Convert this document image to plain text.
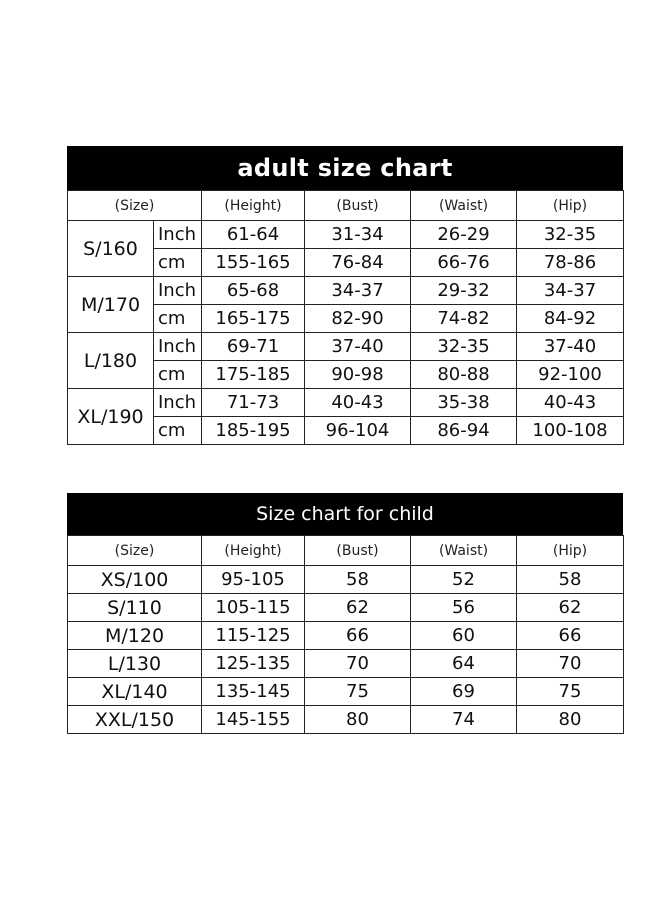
adult size chart
(Size)		(Height)	(Bust)	(Waist)	(Hip)
S/160	Inch	61-64	31-34	26-29	32-35
	cm	155-165	76-84	66-76	78-86
M/170	Inch	65-68	34-37	29-32	34-37
	cm	165-175	82-90	74-82	84-92
L/180	Inch	69-71	37-40	32-35	37-40
	cm	175-185	90-98	80-88	92-100
XL/190	Inch	71-73	40-43	35-38	40-43
	cm	185-195	96-104	86-94	100-108
Size chart for child
(Size)	(Height)	(Bust)	(Waist)	(Hip)
XS/100	95-105	58	52	58
S/110	105-115	62	56	62
M/120	115-125	66	60	66
L/130	125-135	70	64	70
XL/140	135-145	75	69	75
XXL/150	145-155	80	74	80
